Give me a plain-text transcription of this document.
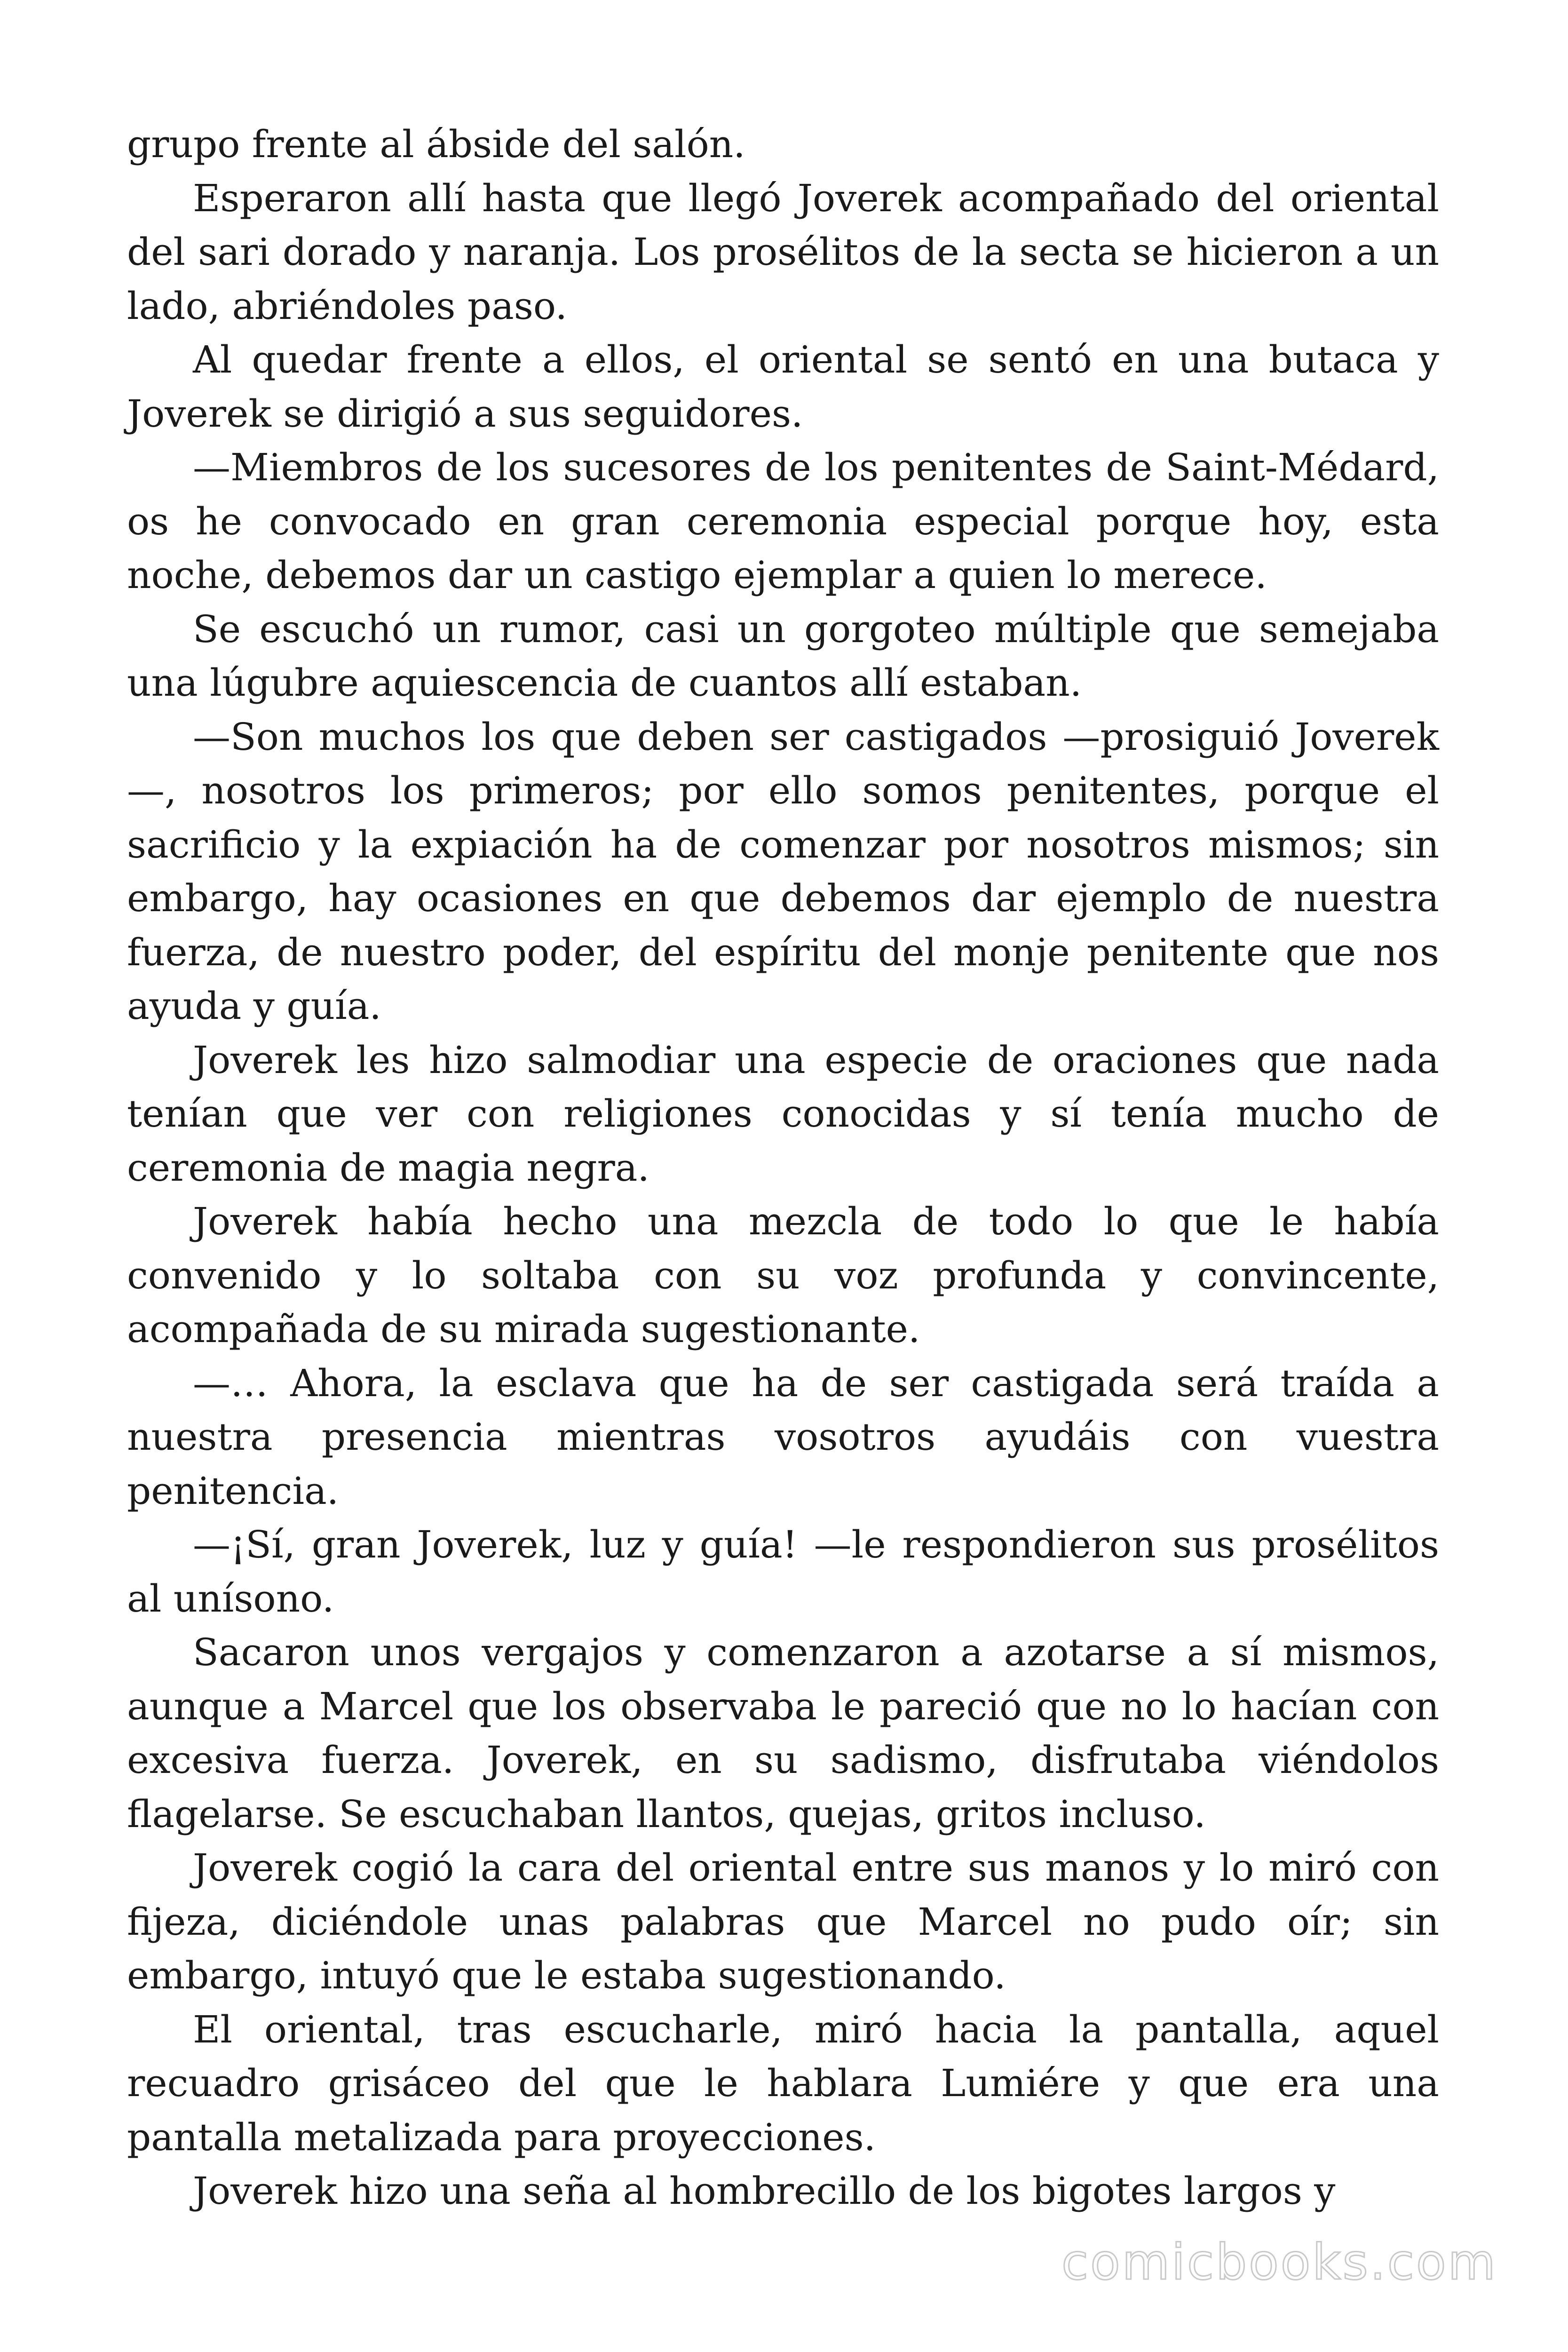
grupo frente al ábside del salón.

Esperaron allí hasta que llegó Joverek acompañado del oriental del sari dorado y naranja. Los prosélitos de la secta se hicieron a un lado, abriéndoles paso.

Al quedar frente a ellos, el oriental se sentó en una butaca y Joverek se dirigió a sus seguidores.

—Miembros de los sucesores de los penitentes de Saint-Médard, os he convocado en gran ceremonia especial porque hoy, esta noche, debemos dar un castigo ejemplar a quien lo merece.

Se escuchó un rumor, casi un gorgoteo múltiple que semejaba una lúgubre aquiescencia de cuantos allí estaban.

—Son muchos los que deben ser castigados —prosiguió Joverek —, nosotros los primeros; por ello somos penitentes, porque el sacrificio y la expiación ha de comenzar por nosotros mismos; sin embargo, hay ocasiones en que debemos dar ejemplo de nuestra fuerza, de nuestro poder, del espíritu del monje penitente que nos ayuda y guía.

Joverek les hizo salmodiar una especie de oraciones que nada tenían que ver con religiones conocidas y sí tenía mucho de ceremonia de magia negra.

Joverek había hecho una mezcla de todo lo que le había convenido y lo soltaba con su voz profunda y convincente, acompañada de su mirada sugestionante.

—… Ahora, la esclava que ha de ser castigada será traída a nuestra presencia mientras vosotros ayudáis con vuestra penitencia.

—¡Sí, gran Joverek, luz y guía! —le respondieron sus prosélitos al unísono.

Sacaron unos vergajos y comenzaron a azotarse a sí mismos, aunque a Marcel que los observaba le pareció que no lo hacían con excesiva fuerza. Joverek, en su sadismo, disfrutaba viéndolos flagelarse. Se escuchaban llantos, quejas, gritos incluso.

Joverek cogió la cara del oriental entre sus manos y lo miró con fijeza, diciéndole unas palabras que Marcel no pudo oír; sin embargo, intuyó que le estaba sugestionando.

El oriental, tras escucharle, miró hacia la pantalla, aquel recuadro grisáceo del que le hablara Lumiére y que era una pantalla metalizada para proyecciones.

Joverek hizo una seña al hombrecillo de los bigotes largos y

comicbooks.com
